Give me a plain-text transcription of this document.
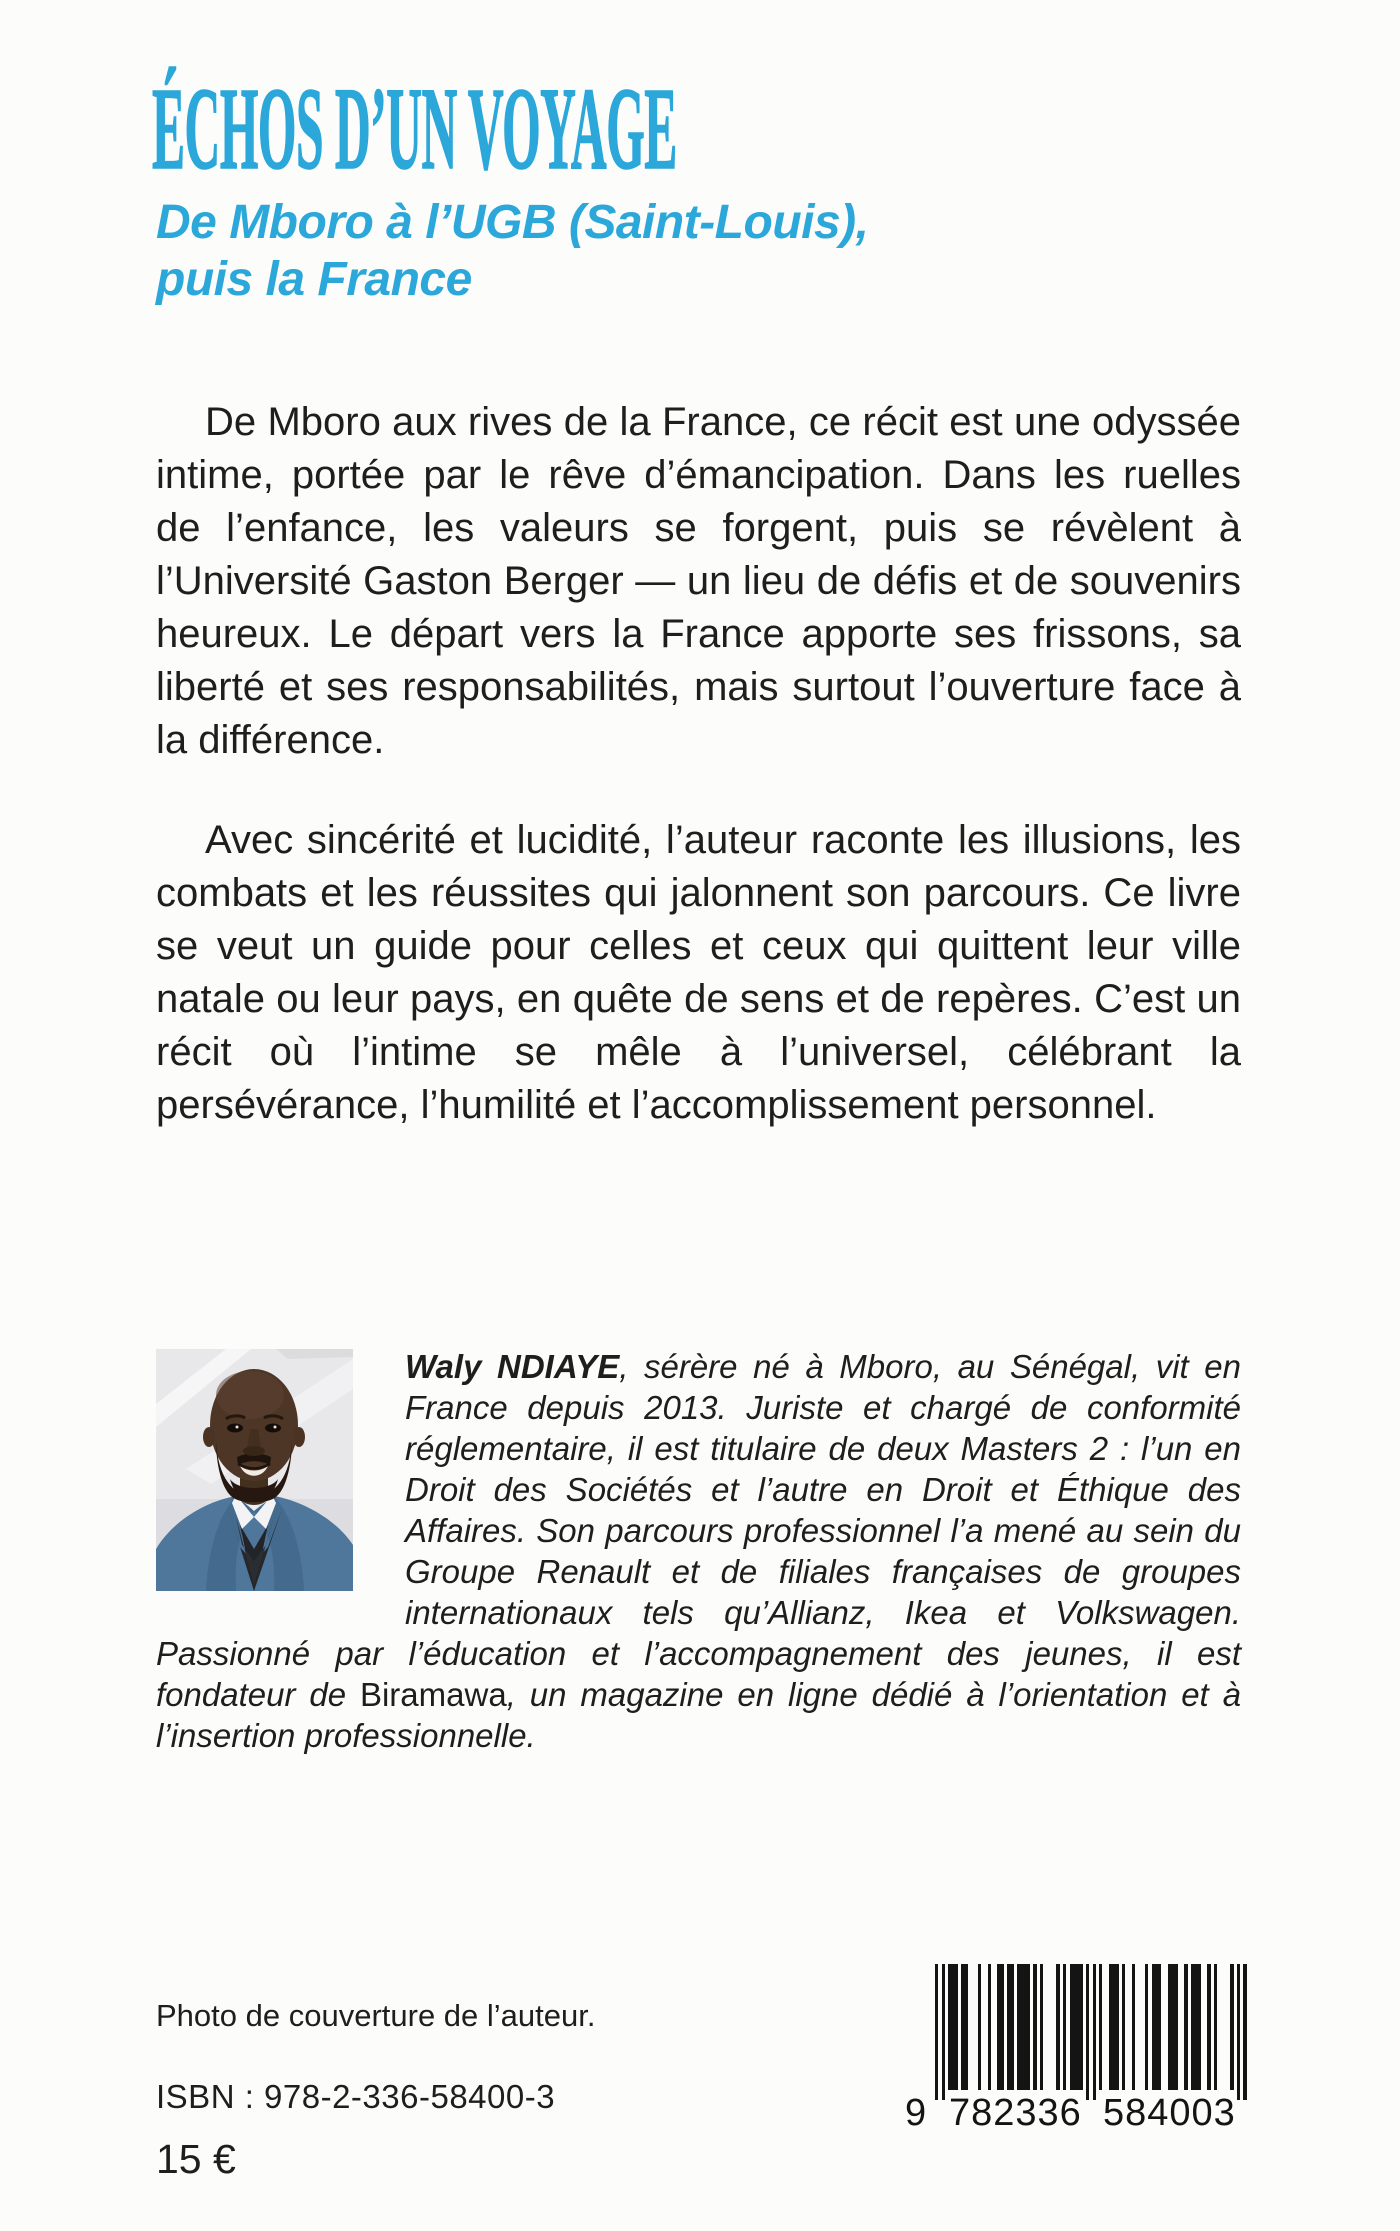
ÉCHOS D’UN VOYAGE
De Mboro à l’UGB (Saint-Louis),
puis la France

De Mboro aux rives de la France, ce récit est une odyssée intime, portée par le rêve d’émancipation. Dans les ruelles de l’enfance, les valeurs se forgent, puis se révèlent à l’Université Gaston Berger — un lieu de défis et de souvenirs heureux. Le départ vers la France apporte ses frissons, sa liberté et ses responsabilités, mais surtout l’ouverture face à la différence.

Avec sincérité et lucidité, l’auteur raconte les illusions, les combats et les réussites qui jalonnent son parcours. Ce livre se veut un guide pour celles et ceux qui quittent leur ville natale ou leur pays, en quête de sens et de repères. C’est un récit où l’intime se mêle à l’universel, célébrant la persévérance, l’humilité et l’accomplissement personnel.

Waly NDIAYE, sérère né à Mboro, au Sénégal, vit en France depuis 2013. Juriste et chargé de conformité réglementaire, il est titulaire de deux Masters 2 : l’un en Droit des Sociétés et l’autre en Droit et Éthique des Affaires. Son parcours professionnel l’a mené au sein du Groupe Renault et de filiales françaises de groupes internationaux tels qu’Allianz, Ikea et Volkswagen. Passionné par l’éducation et l’accompagnement des jeunes, il est fondateur de Biramawa, un magazine en ligne dédié à l’orientation et à l’insertion professionnelle.

Photo de couverture de l’auteur.

ISBN : 978-2-336-58400-3

15 €

9 782336 584003
